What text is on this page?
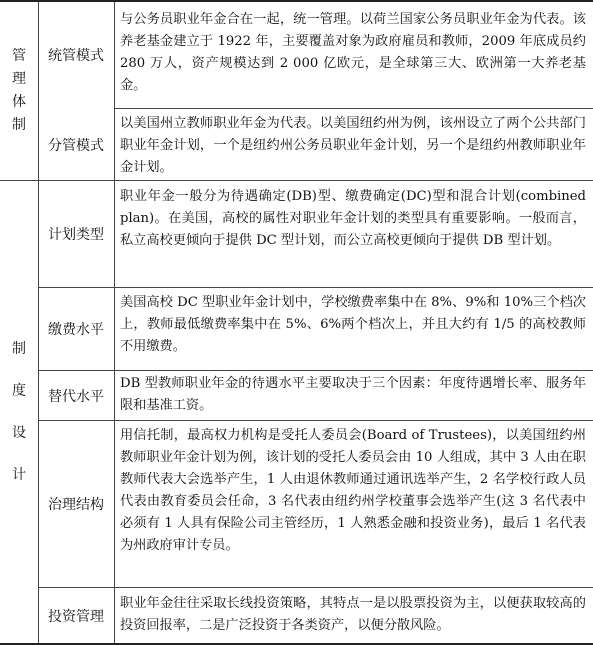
管理体制
制度设计
统管模式
与公务员职业年金合在一起，统一管理。以荷兰国家公务员职业年金为代表。该养老基金建立于 1922 年，主要覆盖对象为政府雇员和教师，2009 年底成员约 280 万人，资产规模达到 2 000 亿欧元，是全球第三大、欧洲第一大养老基金。
分管模式
以美国州立教师职业年金为代表。以美国纽约州为例，该州设立了两个公共部门职业年金计划，一个是纽约州公务员职业年金计划，另一个是纽约州教师职业年金计划。
计划类型
职业年金一般分为待遇确定(DB)型、缴费确定(DC)型和混合计划(combined plan)。在美国，高校的属性对职业年金计划的类型具有重要影响。一般而言，私立高校更倾向于提供 DC 型计划，而公立高校更倾向于提供 DB 型计划。
缴费水平
美国高校 DC 型职业年金计划中，学校缴费率集中在 8%、9%和 10%三个档次上，教师最低缴费率集中在 5%、6%两个档次上，并且大约有 1/5 的高校教师不用缴费。
替代水平
DB 型教师职业年金的待遇水平主要取决于三个因素：年度待遇增长率、服务年限和基准工资。
治理结构
用信托制，最高权力机构是受托人委员会(Board of Trustees)，以美国纽约州教师职业年金计划为例，该计划的受托人委员会由 10 人组成，其中 3 人由在职教师代表大会选举产生，1 人由退休教师通过通讯选举产生，2 名学校行政人员代表由教育委员会任命，3 名代表由纽约州学校董事会选举产生(这 3 名代表中必须有 1 人具有保险公司主管经历，1 人熟悉金融和投资业务)，最后 1 名代表为州政府审计专员。
投资管理
职业年金往往采取长线投资策略，其特点一是以股票投资为主，以便获取较高的投资回报率，二是广泛投资于各类资产，以便分散风险。
